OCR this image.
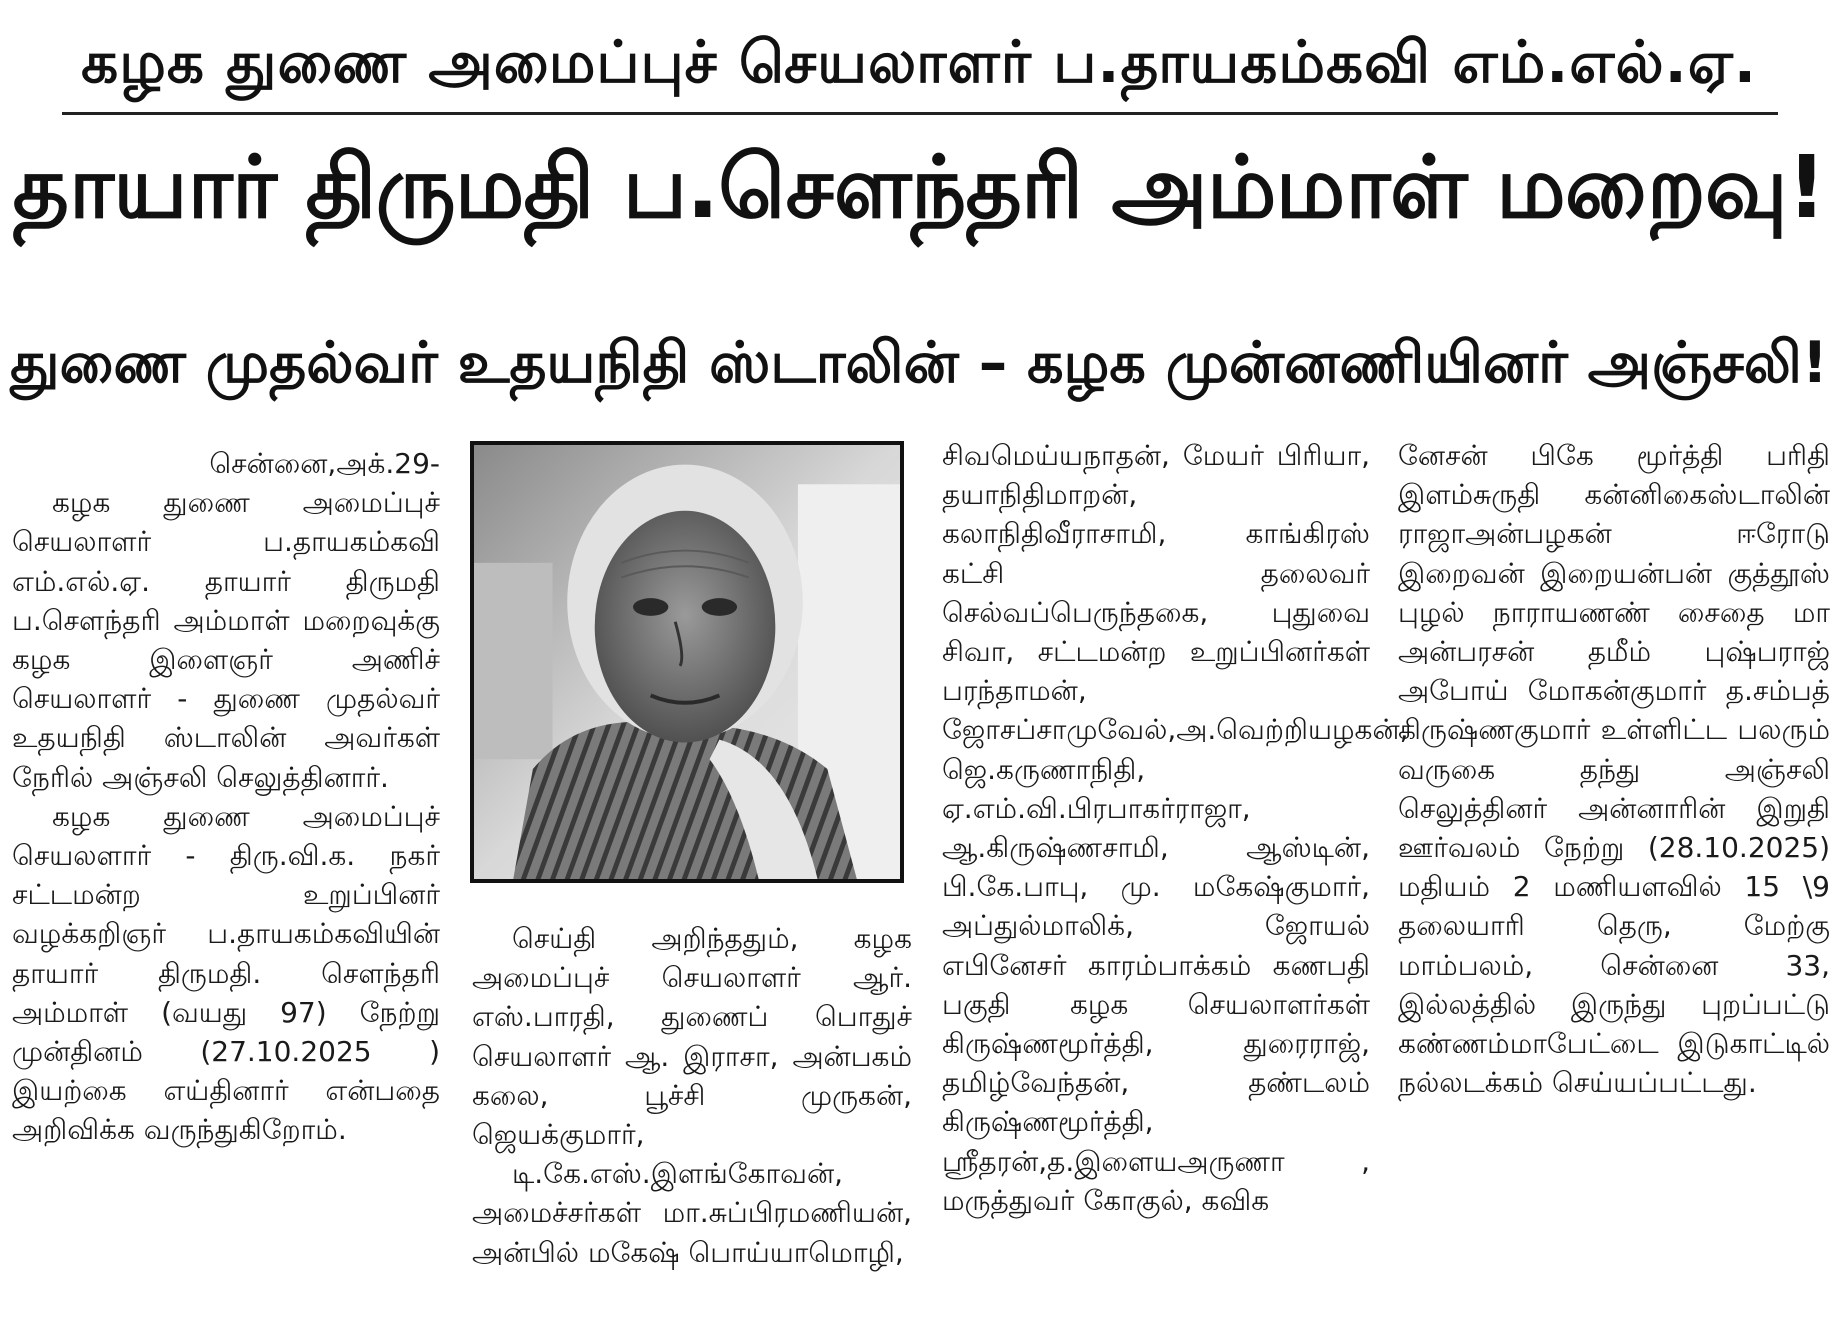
கழக துணை அமைப்புச் செயலாளர் ப.தாயகம்கவி எம்.எல்.ஏ.
தாயார் திருமதி ப.சௌந்தரி அம்மாள் மறைவு!
துணை முதல்வர் உதயநிதி ஸ்டாலின் – கழக முன்னணியினர் அஞ்சலி!

சென்னை,அக்.29-

கழக துணை அமைப்புச் செயலாளர் ப.தாயகம்கவி எம்.எல்.ஏ. தாயார் திருமதி ப.சௌந்தரி அம்மாள் மறைவுக்கு கழக இளைஞர் அணிச் செயலாளர் - துணை முதல்வர் உதயநிதி ஸ்டாலின் அவர்கள் நேரில் அஞ்சலி செலுத்தினார்.

கழக துணை அமைப்புச் செயலளார் - திரு.வி.க. நகர் சட்டமன்ற உறுப்பினர் வழக்கறிஞர் ப.தாயகம்கவியின் தாயார் திருமதி. சௌந்தரி அம்மாள் (வயது 97) நேற்று முன்தினம் (27.10.2025 ) இயற்கை எய்தினார் என்பதை அறிவிக்க வருந்துகிறோம்.

செய்தி அறிந்ததும், கழக அமைப்புச் செயலாளர் ஆர். எஸ்.பாரதி, துணைப் பொதுச் செயலாளர் ஆ. இராசா, அன்பகம் கலை, பூச்சி முருகன், ஜெயக்குமார்,

டி.கே.எஸ்.இளங்கோவன், அமைச்சர்கள் மா.சுப்பிரமணியன், அன்பில் மகேஷ் பொய்யாமொழி,

சிவமெய்யநாதன், மேயர் பிரியா, தயாநிதிமாறன், கலாநிதிவீராசாமி, காங்கிரஸ் கட்சி தலைவர் செல்வப்பெருந்தகை, புதுவை சிவா, சட்டமன்ற உறுப்பினர்கள் பரந்தாமன், ஜோசப்சாமுவேல்,அ.வெற்றியழகன், ஜெ.கருணாநிதி, ஏ.எம்.வி.பிரபாகர்ராஜா, ஆ.கிருஷ்ணசாமி, ஆஸ்டின், பி.கே.பாபு, மு. மகேஷ்குமார், அப்துல்மாலிக், ஜோயல் எபினேசர் காரம்பாக்கம் கணபதி பகுதி கழக செயலாளர்கள் கிருஷ்ணமூர்த்தி, துரைராஜ், தமிழ்வேந்தன், தண்டலம் கிருஷ்ணமூர்த்தி, ஸ்ரீதரன்,த.இளையஅருணா , மருத்துவர் கோகுல், கவிக

னேசன் பிகே மூர்த்தி பரிதி இளம்சுருதி கன்னிகைஸ்டாலின் ராஜாஅன்பழகன் ஈரோடு இறைவன் இறையன்பன் குத்தூஸ் புழல் நாராயணண் சைதை மா அன்பரசன் தமீம் புஷ்பராஜ் அபோய் மோகன்குமார் த.சம்பத் கிருஷ்ணகுமார் உள்ளிட்ட பலரும் வருகை தந்து அஞ்சலி செலுத்தினர் அன்னாரின் இறுதி ஊர்வலம் நேற்று (28.10.2025) மதியம் 2 மணியளவில் 15 \9 தலையாரி தெரு, மேற்கு மாம்பலம், சென்னை 33, இல்லத்தில் இருந்து புறப்பட்டு கண்ணம்மாபேட்டை இடுகாட்டில் நல்லடக்கம் செய்யப்பட்டது.
